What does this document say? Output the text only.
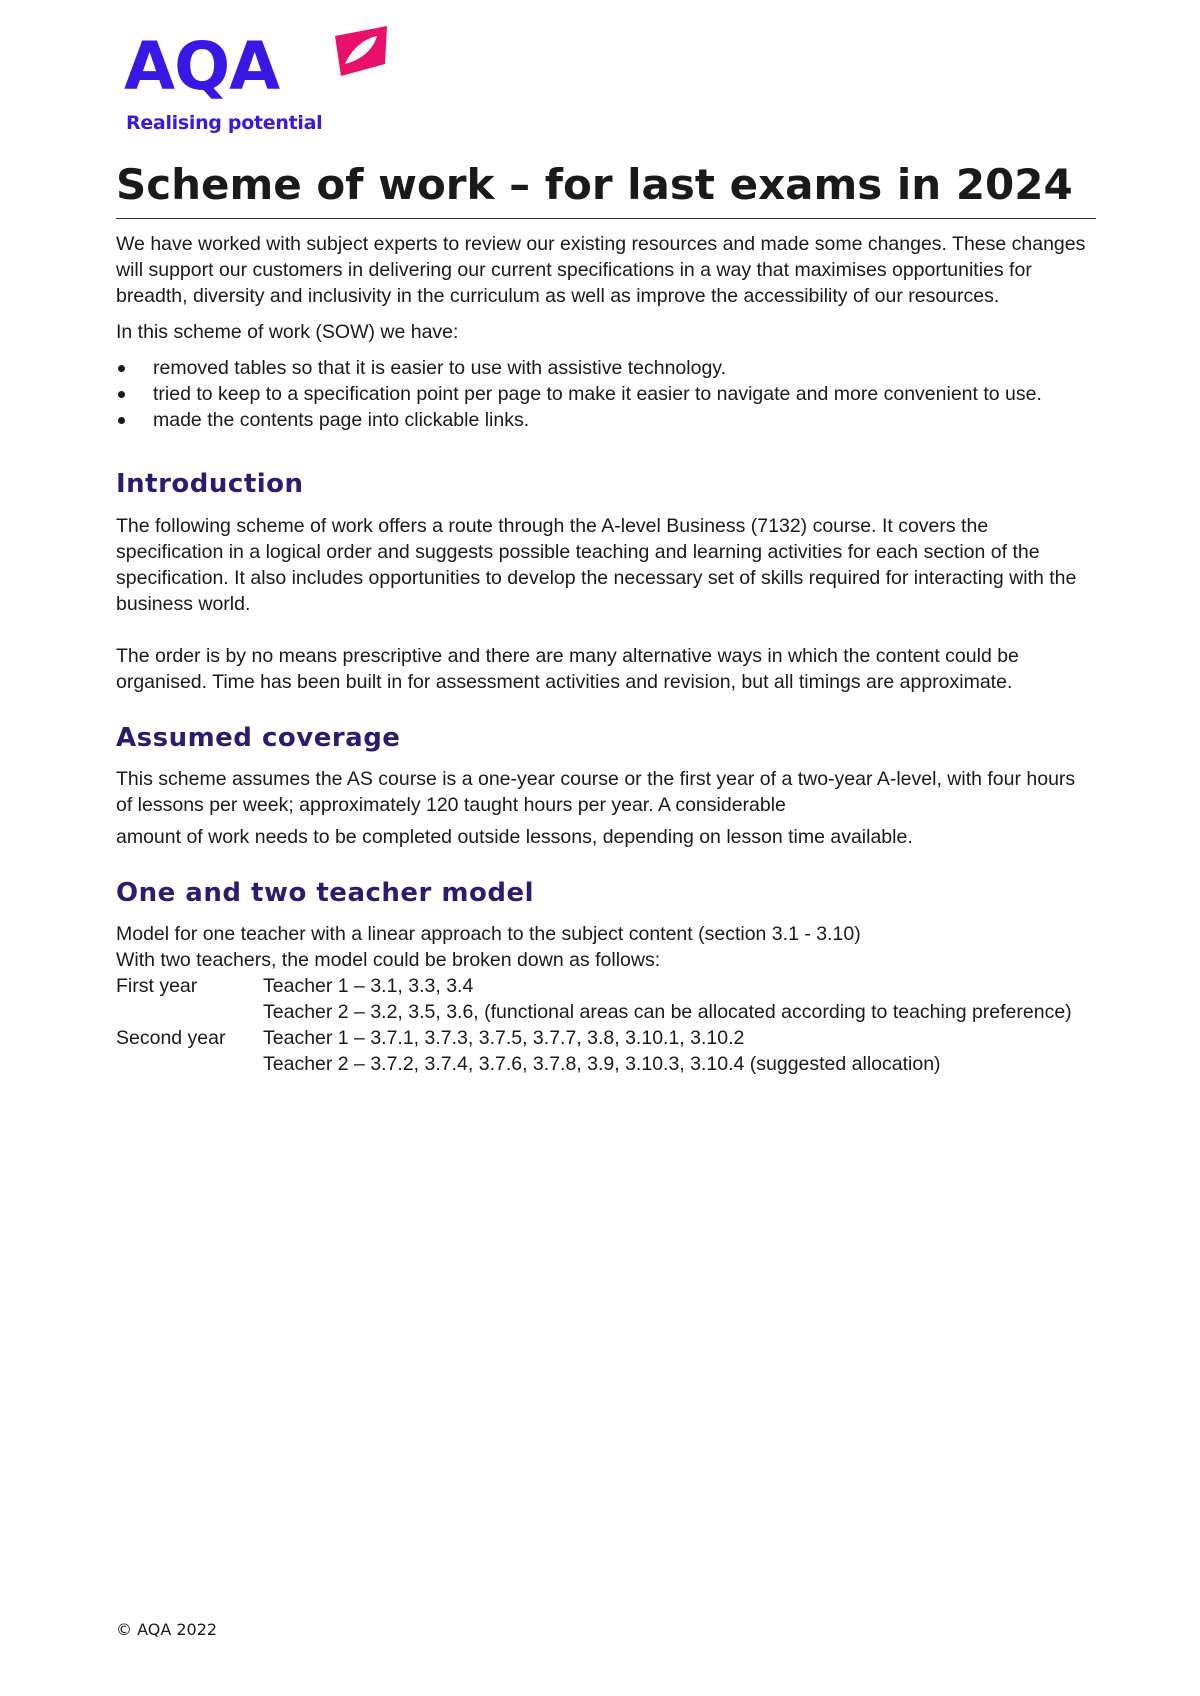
AQA
Realising potential
Scheme of work – for last exams in 2024

We have worked with subject experts to review our existing resources and made some changes. These changes will support our customers in delivering our current specifications in a way that maximises opportunities for breadth, diversity and inclusivity in the curriculum as well as improve the accessibility of our resources.

In this scheme of work (SOW) we have:

removed tables so that it is easier to use with assistive technology.
tried to keep to a specification point per page to make it easier to navigate and more convenient to use.
made the contents page into clickable links.
Introduction

The following scheme of work offers a route through the A-level Business (7132) course. It covers the specification in a logical order and suggests possible teaching and learning activities for each section of the specification. It also includes opportunities to develop the necessary set of skills required for interacting with the business world.

The order is by no means prescriptive and there are many alternative ways in which the content could be organised. Time has been built in for assessment activities and revision, but all timings are approximate.

Assumed coverage

This scheme assumes the AS course is a one-year course or the first year of a two-year A-level, with four hours of lessons per week; approximately 120 taught hours per year. A considerable

amount of work needs to be completed outside lessons, depending on lesson time available.

One and two teacher model
Model for one teacher with a linear approach to the subject content (section 3.1 - 3.10)
With two teachers, the model could be broken down as follows:
First year	Teacher 1 – 3.1, 3.3, 3.4
Teacher 2 – 3.2, 3.5, 3.6, (functional areas can be allocated according to teaching preference)
Second year	Teacher 1 – 3.7.1, 3.7.3, 3.7.5, 3.7.7, 3.8, 3.10.1, 3.10.2
Teacher 2 – 3.7.2, 3.7.4, 3.7.6, 3.7.8, 3.9, 3.10.3, 3.10.4 (suggested allocation)
© AQA 2022
